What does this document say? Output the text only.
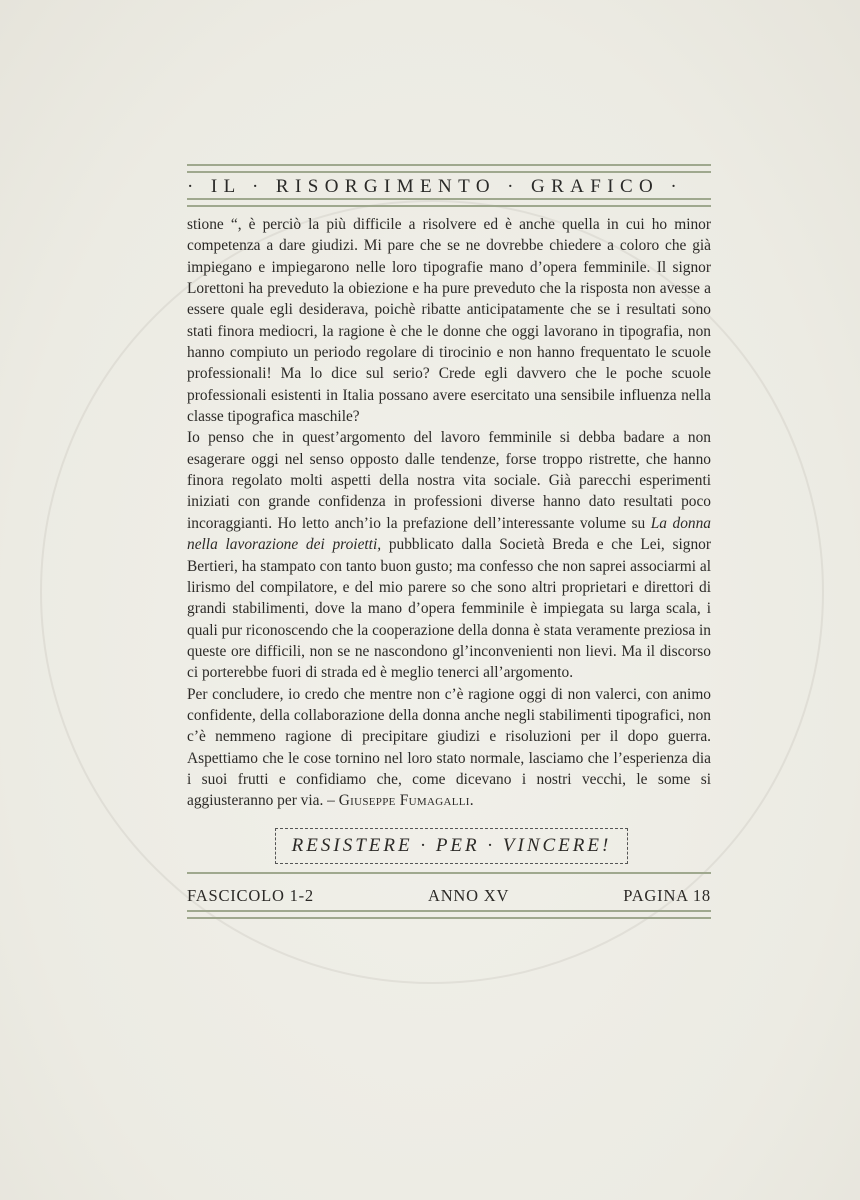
· IL · RISORGIMENTO · GRAFICO ·

stione “, è perciò la più difficile a risolvere ed è anche quella in cui ho minor competenza a dare giudizi. Mi pare che se ne dovrebbe chiedere a coloro che già impiegano e impiegarono nelle loro tipografie mano d’opera femminile. Il signor Lorettoni ha preveduto la obiezione e ha pure preveduto che la risposta non avesse a essere quale egli desiderava, poichè ribatte anticipatamente che se i resultati sono stati finora mediocri, la ragione è che le donne che oggi lavorano in tipografia, non hanno compiuto un periodo regolare di tirocinio e non hanno frequentato le scuole professionali! Ma lo dice sul serio? Crede egli davvero che le poche scuole professionali esistenti in Italia possano avere esercitato una sensibile influenza nella classe tipografica maschile?

Io penso che in quest’argomento del lavoro femminile si debba badare a non esagerare oggi nel senso opposto dalle tendenze, forse troppo ristrette, che hanno finora regolato molti aspetti della nostra vita sociale. Già parecchi esperimenti iniziati con grande confidenza in professioni diverse hanno dato resultati poco incoraggianti. Ho letto anch’io la prefazione dell’interessante volume su La donna nella lavorazione dei proietti, pubblicato dalla Società Breda e che Lei, signor Bertieri, ha stampato con tanto buon gusto; ma confesso che non saprei associarmi al lirismo del compilatore, e del mio parere so che sono altri proprietari e direttori di grandi stabilimenti, dove la mano d’opera femminile è impiegata su larga scala, i quali pur riconoscendo che la cooperazione della donna è stata veramente preziosa in queste ore difficili, non se ne nascondono gl’inconvenienti non lievi. Ma il discorso ci porterebbe fuori di strada ed è meglio tenerci all’argomento.

Per concludere, io credo che mentre non c’è ragione oggi di non valerci, con animo confidente, della collaborazione della donna anche negli stabilimenti tipografici, non c’è nemmeno ragione di precipitare giudizi e risoluzioni per il dopo guerra. Aspettiamo che le cose tornino nel loro stato normale, lasciamo che l’esperienza dia i suoi frutti e confidiamo che, come dicevano i nostri vecchi, le some si aggiusteranno per via. – Giuseppe Fumagalli.

RESISTERE · PER · VINCERE!
FASCICOLO 1-2	ANNO XV	PAGINA 18
